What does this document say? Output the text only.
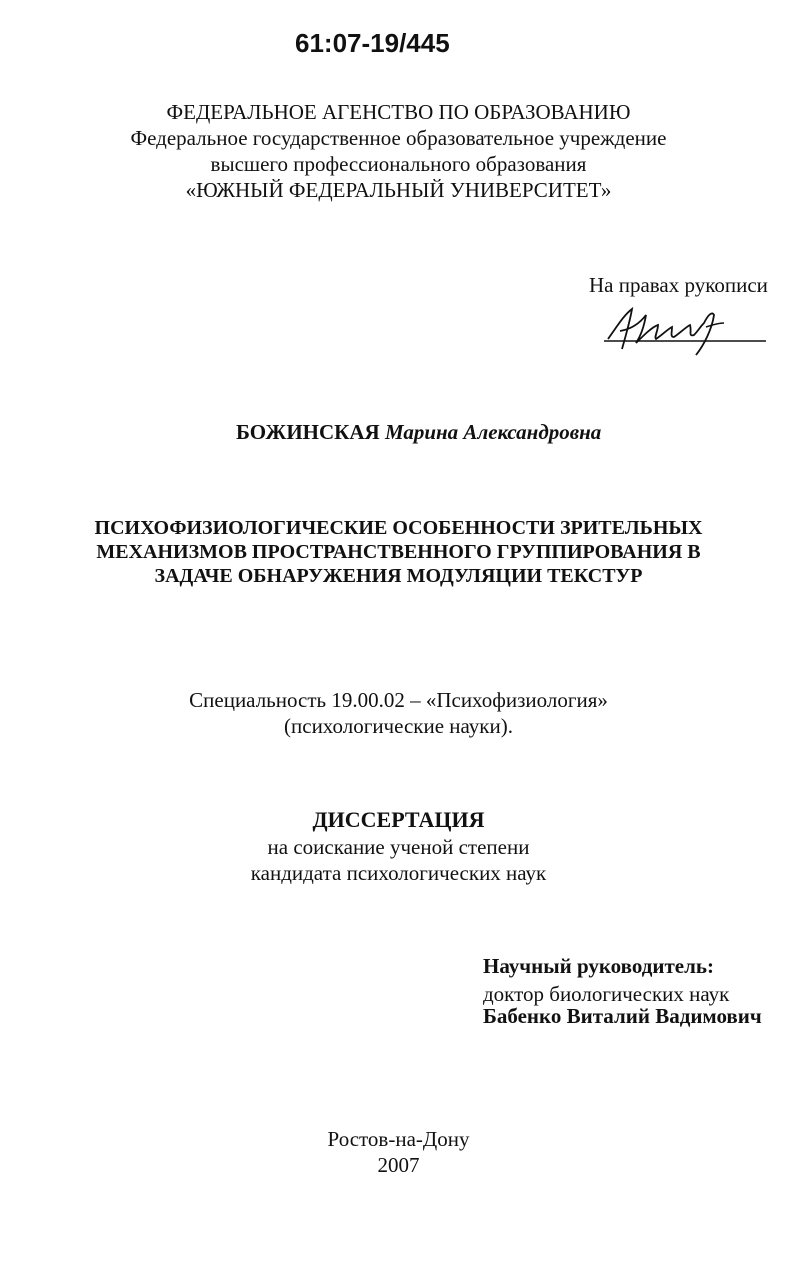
61:07-19/445
ФЕДЕРАЛЬНОЕ АГЕНСТВО ПО ОБРАЗОВАНИЮ
Федеральное государственное образовательное учреждение
высшего профессионального образования
«ЮЖНЫЙ ФЕДЕРАЛЬНЫЙ УНИВЕРСИТЕТ»
На правах рукописи
БОЖИНСКАЯ Марина Александровна
ПСИХОФИЗИОЛОГИЧЕСКИЕ ОСОБЕННОСТИ ЗРИТЕЛЬНЫХ
МЕХАНИЗМОВ ПРОСТРАНСТВЕННОГО ГРУППИРОВАНИЯ В
ЗАДАЧЕ ОБНАРУЖЕНИЯ МОДУЛЯЦИИ ТЕКСТУР
Специальность 19.00.02 – «Психофизиология»
(психологические науки).
ДИССЕРТАЦИЯ
на соискание ученой степени
кандидата психологических наук
Научный руководитель:
доктор биологических наук
Бабенко Виталий Вадимович
Ростов-на-Дону
2007
